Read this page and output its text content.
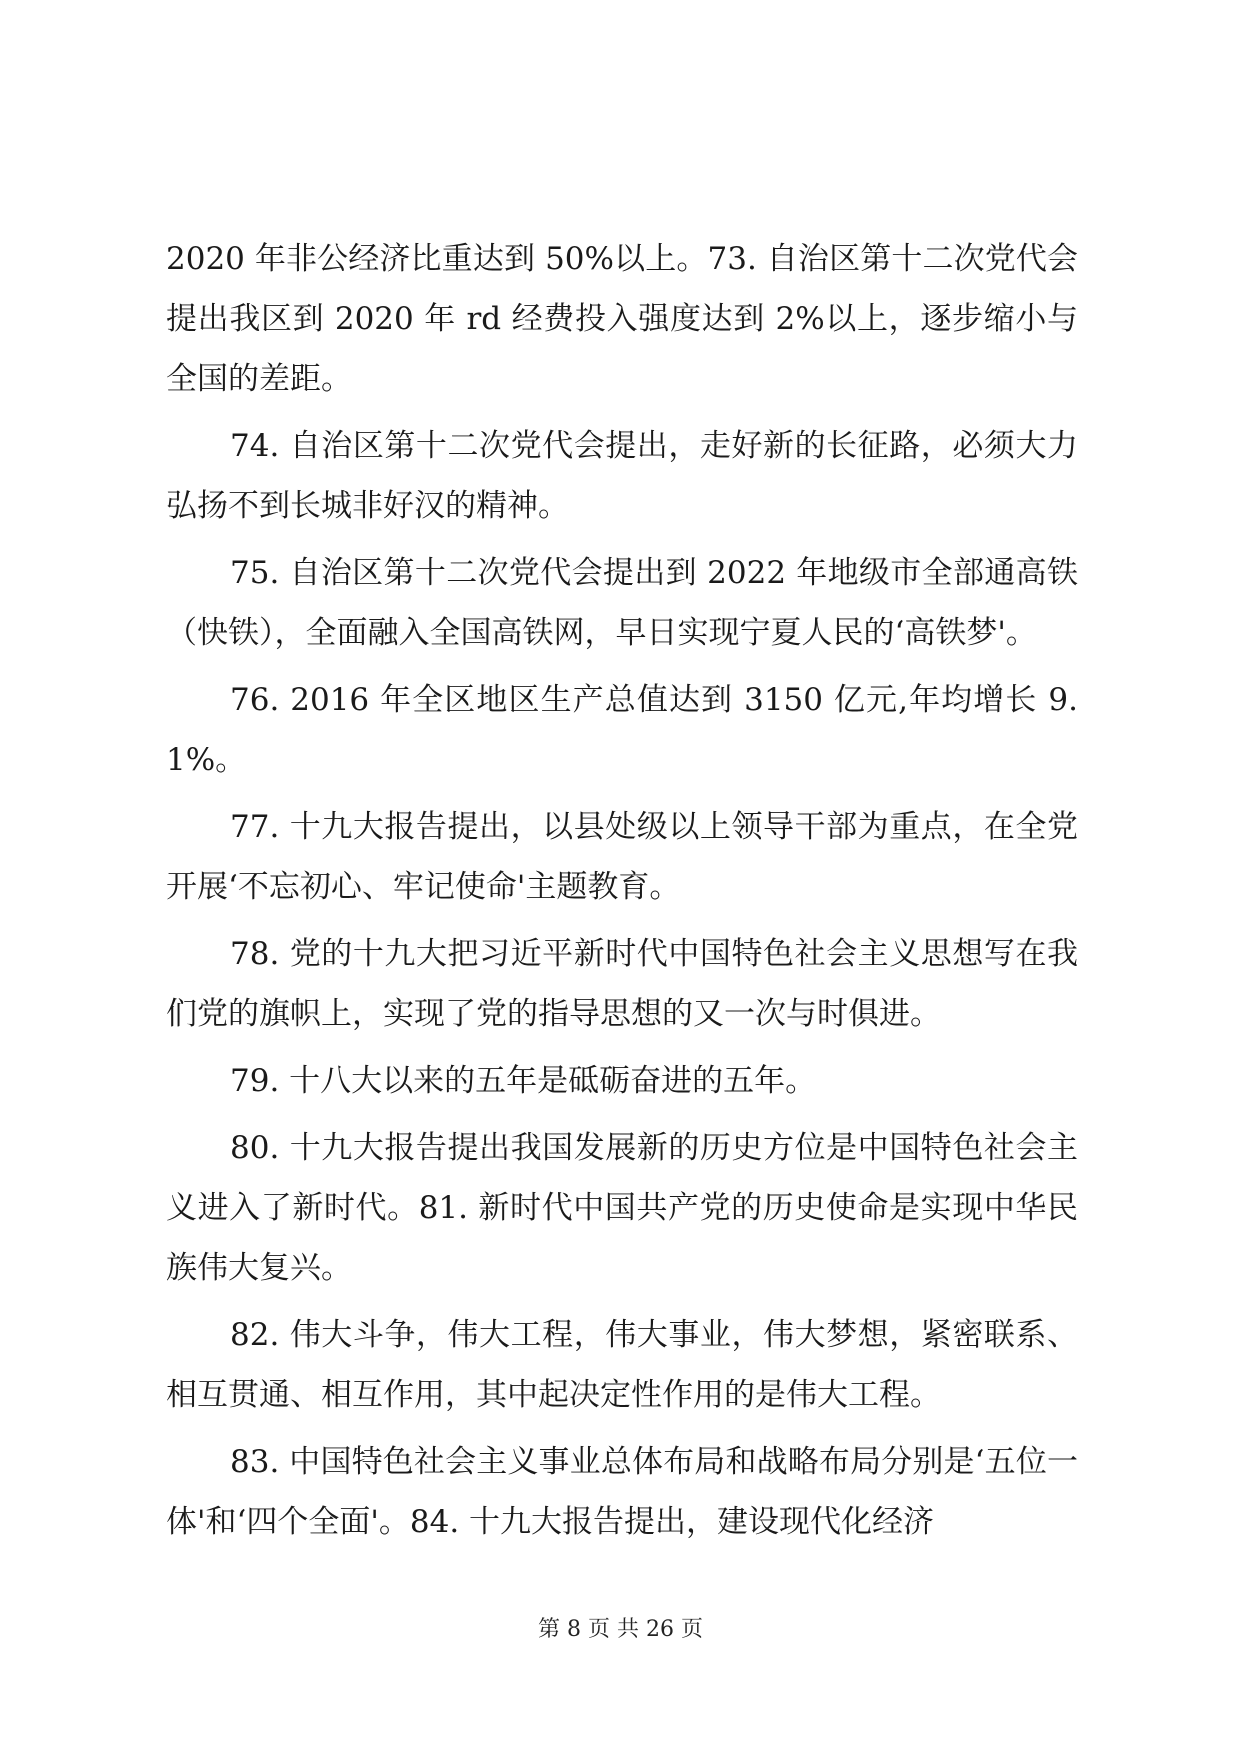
2020 年非公经济比重达到 50%以上。73. 自治区第十二次党代会提出我区到 2020 年 rd 经费投入强度达到 2%以上，逐步缩小与全国的差距。

74. 自治区第十二次党代会提出，走好新的长征路，必须大力弘扬不到长城非好汉的精神。

75. 自治区第十二次党代会提出到 2022 年地级市全部通高铁（快铁），全面融入全国高铁网，早日实现宁夏人民的‘高铁梦'。

76. 2016 年全区地区生产总值达到 3150 亿元,年均增长 9. 1%。

77. 十九大报告提出，以县处级以上领导干部为重点，在全党开展‘不忘初心、牢记使命'主题教育。

78. 党的十九大把习近平新时代中国特色社会主义思想写在我们党的旗帜上，实现了党的指导思想的又一次与时俱进。

79. 十八大以来的五年是砥砺奋进的五年。

80. 十九大报告提出我国发展新的历史方位是中国特色社会主义进入了新时代。81. 新时代中国共产党的历史使命是实现中华民族伟大复兴。

82. 伟大斗争，伟大工程，伟大事业，伟大梦想，紧密联系、相互贯通、相互作用，其中起决定性作用的是伟大工程。

83. 中国特色社会主义事业总体布局和战略布局分别是‘五位一体'和‘四个全面'。84. 十九大报告提出，建设现代化经济

第 8 页 共 26 页
